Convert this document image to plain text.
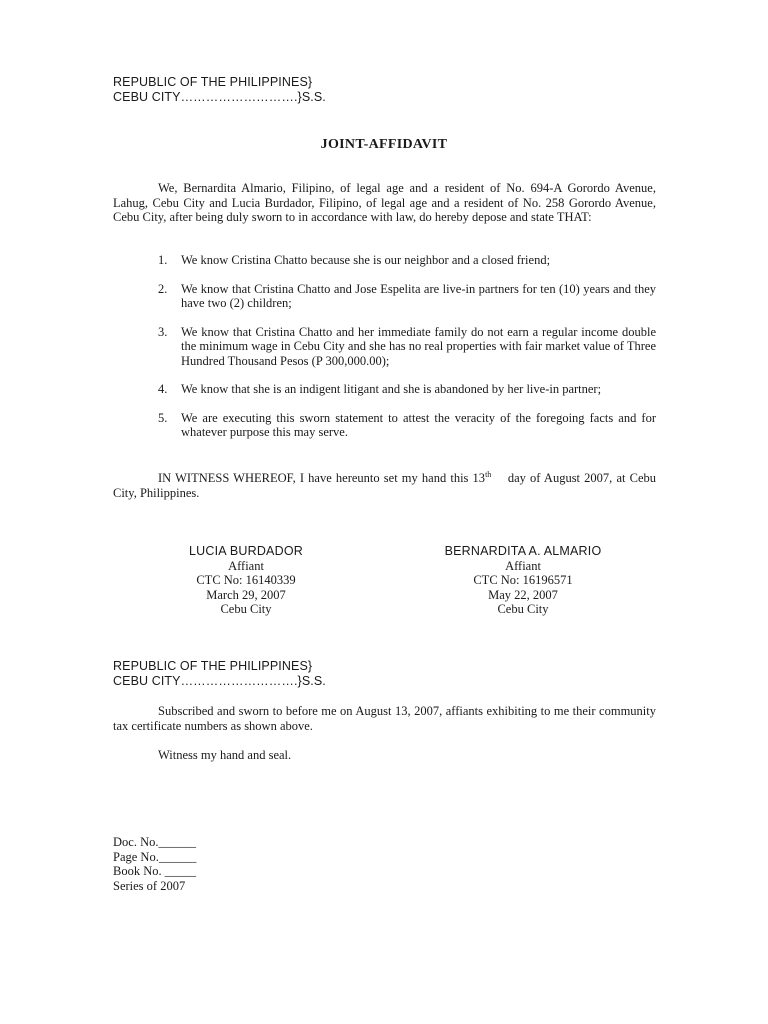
REPUBLIC OF THE PHILIPPINES}
CEBU CITY……………………….}S.S.
JOINT-AFFIDAVIT
We, Bernardita Almario, Filipino, of legal age and a resident of No. 694-A Gorordo Avenue, Lahug, Cebu City and Lucia Burdador, Filipino, of legal age and a resident of No. 258 Gorordo Avenue, Cebu City, after being duly sworn to in accordance with law, do hereby depose and state THAT:
1. We know Cristina Chatto because she is our neighbor and a closed friend;
2. We know that Cristina Chatto and Jose Espelita are live-in partners for ten (10) years and they have two (2) children;
3. We know that Cristina Chatto and her immediate family do not earn a regular income double the minimum wage in Cebu City and she has no real properties with fair market value of Three Hundred Thousand Pesos (P 300,000.00);
4. We know that she is an indigent litigant and she is abandoned by her live-in partner;
5. We are executing this sworn statement to attest the veracity of the foregoing facts and for whatever purpose this may serve.
IN WITNESS WHEREOF, I have hereunto set my hand this 13th    day of August 2007, at Cebu City, Philippines.
LUCIA BURDADOR
Affiant
CTC No: 16140339
March 29, 2007
Cebu City
BERNARDITA A. ALMARIO
Affiant
CTC No: 16196571
May 22, 2007
Cebu City
REPUBLIC OF THE PHILIPPINES}
CEBU CITY……………………….}S.S.
Subscribed and sworn to before me on August 13, 2007, affiants exhibiting to me their community tax certificate numbers as shown above.
Witness my hand and seal.
Doc. No.______
Page No.______
Book No. _____
Series of 2007
